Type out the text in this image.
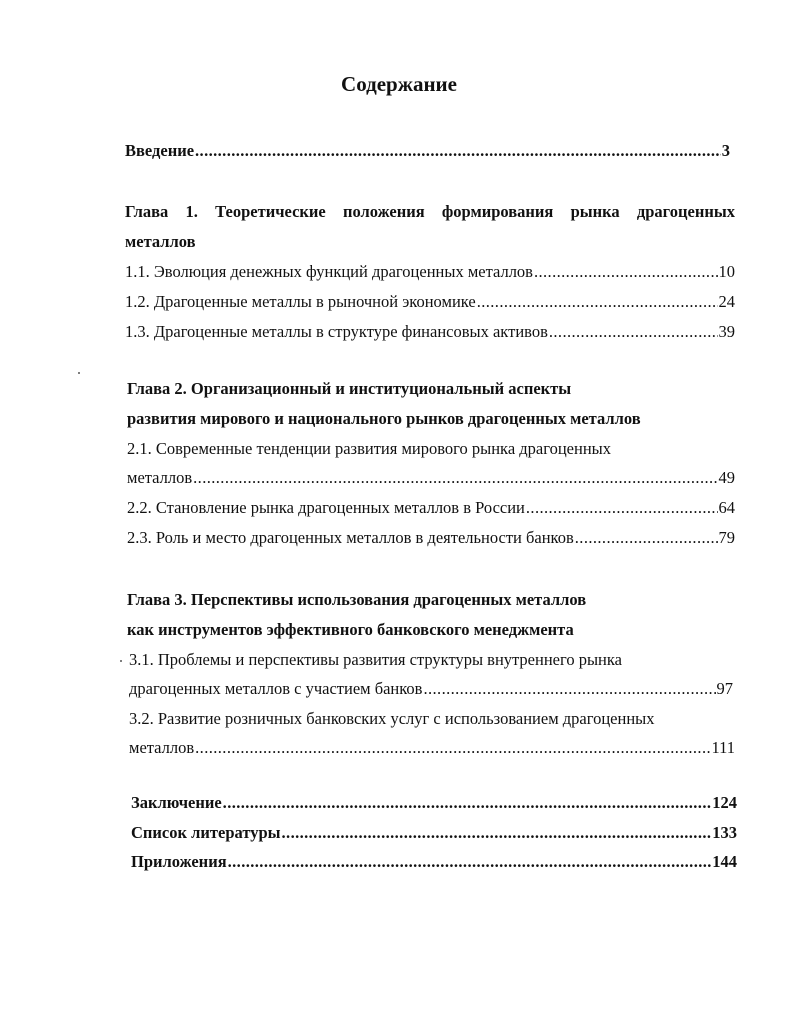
Содержание
Введение .....	3
Глава 1. Теоретические положения формирования рынка драгоценных
металлов
1.1. Эволюция денежных функций драгоценных металлов .....	10
1.2. Драгоценные металлы в рыночной экономике .....	24
1.3. Драгоценные металлы в структуре финансовых активов .....	39
Глава 2. Организационный и институциональный аспекты
развития мирового и национального рынков драгоценных металлов
2.1. Современные тенденции развития мирового рынка драгоценных
металлов .....	49
2.2. Становление рынка драгоценных металлов в России .....	64
2.3. Роль и место драгоценных металлов в деятельности банков .....	79
Глава 3. Перспективы использования драгоценных металлов
как инструментов эффективного банковского менеджмента
3.1. Проблемы и перспективы развития структуры внутреннего рынка
драгоценных металлов с участием банков .....	97
3.2. Развитие розничных банковских услуг с использованием драгоценных
металлов .....	111
Заключение .....	124
Список литературы .....	133
Приложения .....	144
